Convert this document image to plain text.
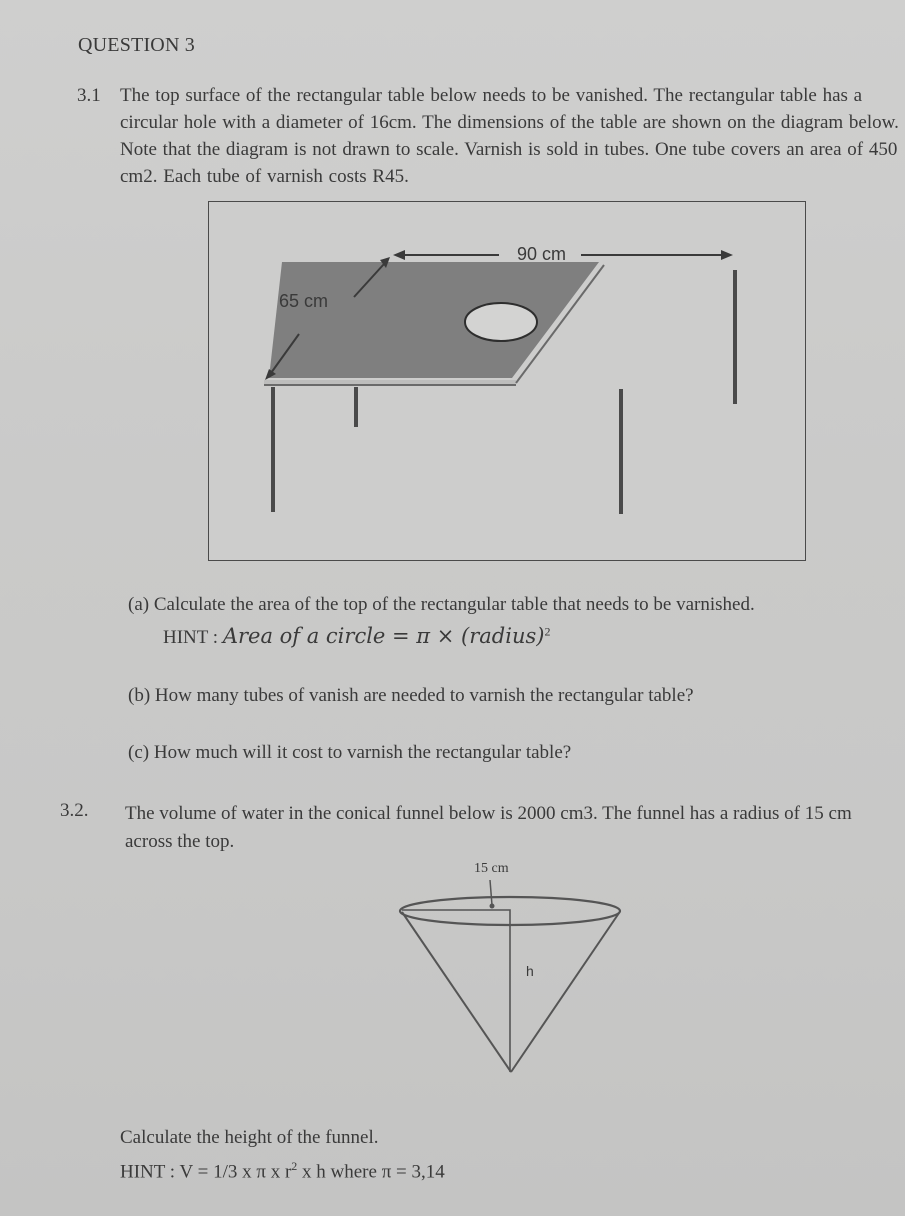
QUESTION 3
3.1 The top surface of the rectangular table below needs to be vanished. The rectangular table has a circular hole with a diameter of 16cm. The dimensions of the table are shown on the diagram below. Note that the diagram is not drawn to scale. Varnish is sold in tubes. One tube covers an area of 450 cm2. Each tube of varnish costs R45.
90 cm
65 cm
(a) Calculate the area of the top of the rectangular table that needs to be varnished.
HINT : Area of a circle = π × (radius)$^2$
(b) How many tubes of vanish are needed to varnish the rectangular table?
(c) How much will it cost to varnish the rectangular table?
3.2. The volume of water in the conical funnel below is 2000 cm3. The funnel has a radius of 15 cm across the top.
15 cm
h
Calculate the height of the funnel.
HINT : V = 1/3 x π x $r^2$ x h where π = 3,14
